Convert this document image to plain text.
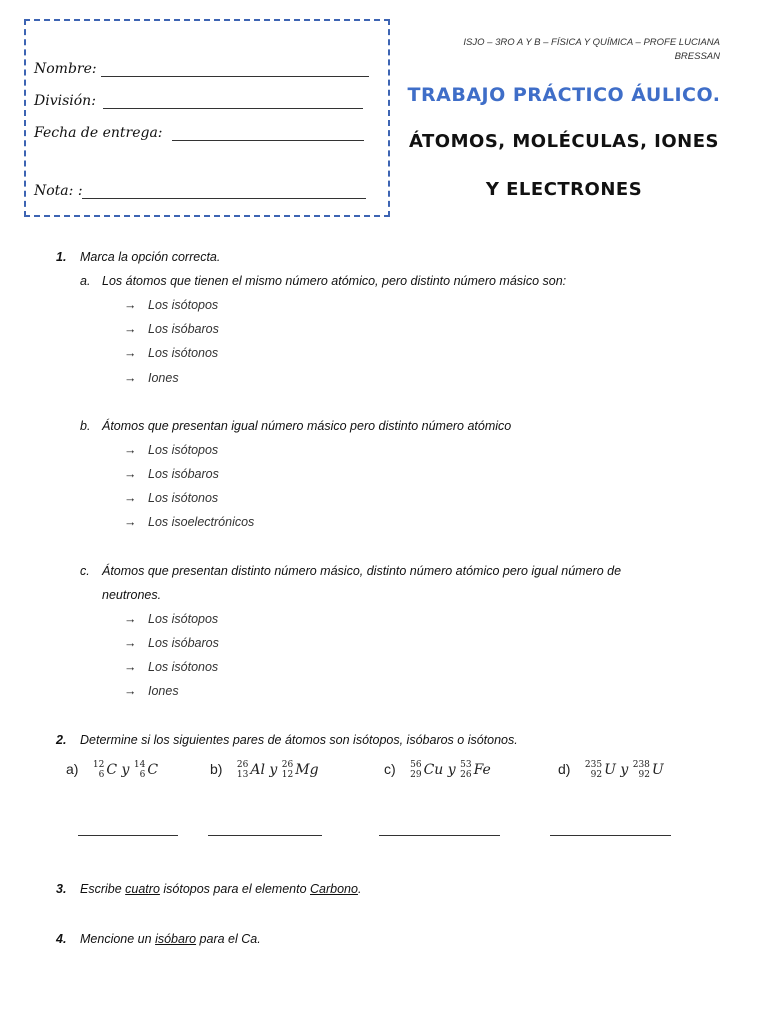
Nombre:
División:
Fecha de entrega:
Nota: :
ISJO – 3RO A Y B – FÍSICA Y QUÍMICA – PROFE LUCIANA
BRESSAN
TRABAJO PRÁCTICO ÁULICO.
ÁTOMOS, MOLÉCULAS, IONES
Y ELECTRONES
1. Marca la opción correcta.
a. Los átomos que tienen el mismo número atómico, pero distinto número másico son:
→ Los isótopos
→ Los isóbaros
→ Los isótonos
→ Iones
b. Átomos que presentan igual número másico pero distinto número atómico
→ Los isótopos
→ Los isóbaros
→ Los isótonos
→ Los isoelectrónicos
c. Átomos que presentan distinto número másico, distinto número atómico pero igual número de
neutrones.
→ Los isótopos
→ Los isóbaros
→ Los isótonos
→ Iones
2. Determine si los siguientes pares de átomos son isótopos, isóbaros o isótonos.
a) 12
6 C y 14
6 C	b) 26
13 Al y 26
12 Mg	c) 56
29 Cu y 53
26 Fe	d) 235
92 U y 238
92 U
3. Escribe cuatro isótopos para el elemento Carbono.
4. Mencione un isóbaro para el Ca.
